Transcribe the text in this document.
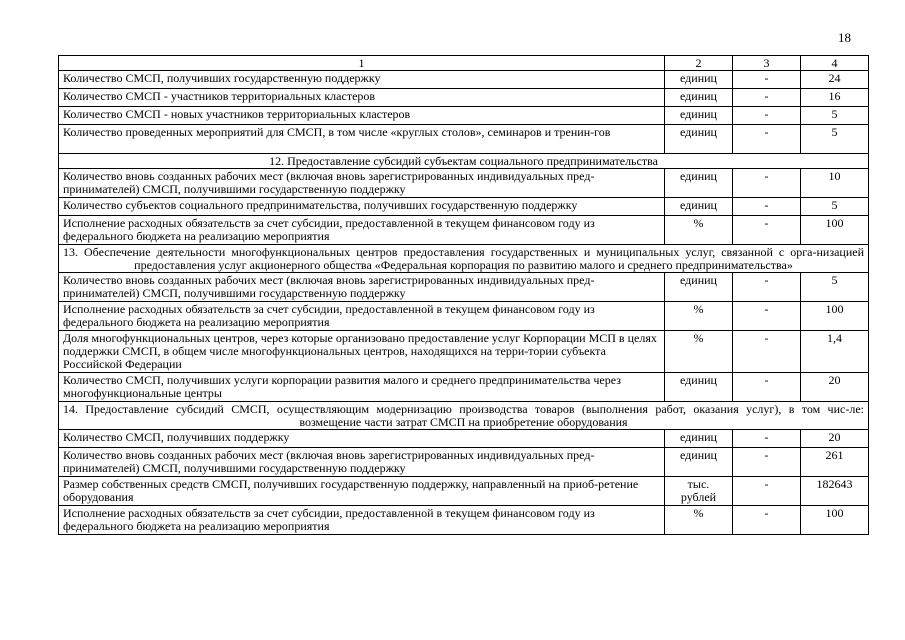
18
1	2	3	4
Количество СМСП, получивших государственную поддержку	единиц	-	24
Количество СМСП - участников территориальных кластеров	единиц	-	16
Количество СМСП - новых участников территориальных кластеров	единиц	-	5
Количество проведенных мероприятий для СМСП, в том числе «круглых столов», семинаров и тренин-гов	единиц	-	5
12. Предоставление субсидий субъектам социального предпринимательства			
Количество вновь созданных рабочих мест (включая вновь зарегистрированных индивидуальных пред-принимателей) СМСП, получившими государственную поддержку	единиц	-	10
Количество субъектов социального предпринимательства, получивших государственную поддержку	единиц	-	5
Исполнение расходных обязательств за счет субсидии, предоставленной в текущем финансовом году из федерального бюджета на реализацию мероприятия	%	-	100
13. Обеспечение деятельности многофункциональных центров предоставления государственных и муниципальных услуг, связанной с орга-низацией предоставления услуг акционерного общества «Федеральная корпорация по развитию малого и среднего предпринимательства»			
Количество вновь созданных рабочих мест (включая вновь зарегистрированных индивидуальных пред-принимателей) СМСП, получившими государственную поддержку	единиц	-	5
Исполнение расходных обязательств за счет субсидии, предоставленной в текущем финансовом году из федерального бюджета на реализацию мероприятия	%	-	100
Доля многофункциональных центров, через которые организовано предоставление услуг Корпорации МСП в целях поддержки СМСП, в общем числе многофункциональных центров, находящихся на терри-тории субъекта Российской Федерации	%	-	1,4
Количество СМСП, получивших услуги корпорации развития малого и среднего предпринимательства через многофункциональные центры	единиц	-	20
14. Предоставление субсидий СМСП, осуществляющим модернизацию производства товаров (выполнения работ, оказания услуг), в том чис-ле: возмещение части затрат СМСП на приобретение оборудования			
Количество СМСП, получивших поддержку	единиц	-	20
Количество вновь созданных рабочих мест (включая вновь зарегистрированных индивидуальных пред-принимателей) СМСП, получившими государственную поддержку	единиц	-	261
Размер собственных средств СМСП, получивших государственную поддержку, направленный на приоб-ретение оборудования	тыс. рублей	-	182643
Исполнение расходных обязательств за счет субсидии, предоставленной в текущем финансовом году из федерального бюджета на реализацию мероприятия	%	-	100
